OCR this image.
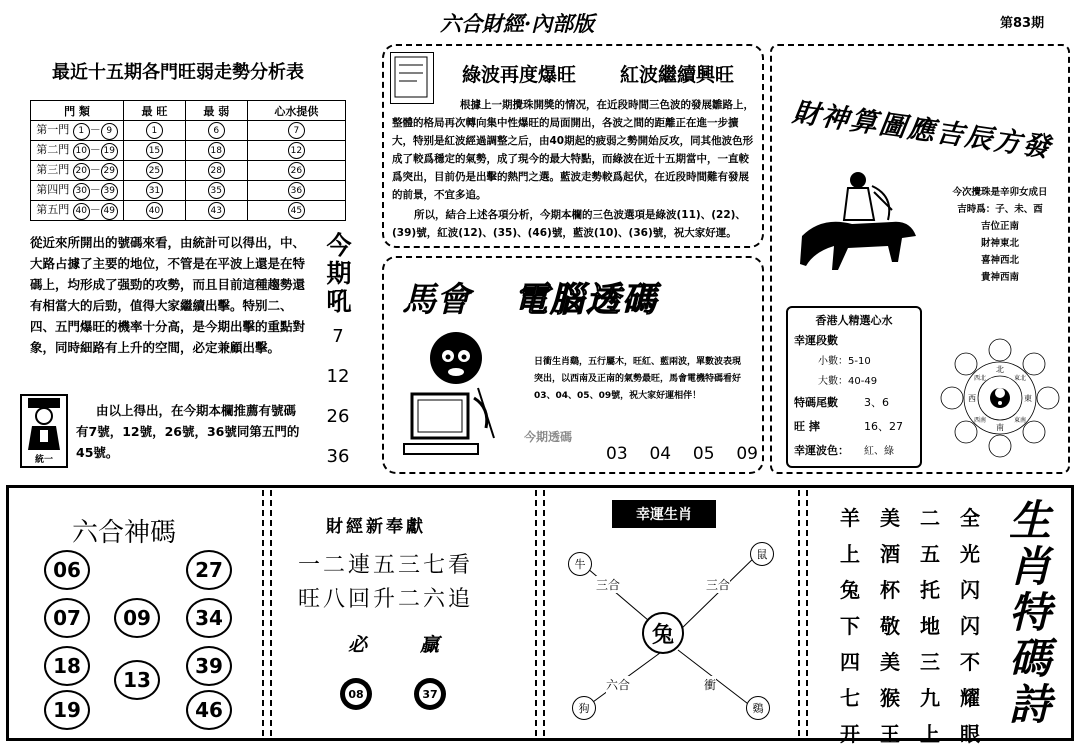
六合財經·內部版	第83期
最近十五期各門旺弱走勢分析表
門 類	最 旺	最 弱	心水提供
第一門 1 － 9	1	6	7
第二門 10 － 19	15	18	12
第三門 20 － 29	25	28	26
第四門 30 － 39	31	35	36
第五門 40 － 49	40	43	45
從近來所開出的號碼來看，由統計可以得出，中、大路占據了主要的地位，不管是在平波上還是在特碼上，均形成了强勁的攻勢，而且目前這種趨勢還有相當大的后勁，值得大家繼續出擊。特别二、四、五門爆旺的機率十分高，是今期出擊的重點對象，同時細路有上升的空間，必定兼顧出擊。
統一
由以上得出，在今期本欄推薦有號碼有7號，12號，26號，36號同第五門的45號。
今期吼
7
12
26
36
綠波再度爆旺 紅波繼續興旺
根據上一期攪珠開獎的情况，在近段時間三色波的發展雛路上，整體的格局再次轉向集中性爆旺的局面開出，各波之間的距離正在進一步擴大，特别是紅波經過調整之后，由40期起的疲弱之勢開始反攻，同其他波色形成了較爲穩定的氣勢，成了現今的最大特點，而綠波在近十五期當中，一直較爲突出，目前仍是出擊的熱門之選。藍波走勢較爲起伏，在近段時間難有發展的前景，不宜多追。
所以，結合上述各項分析，今期本欄的三色波選項是綠波(11)、(22)、(39)號，紅波(12)、(35)、(46)號，藍波(10)、(36)號，祝大家好運。
馬會 電腦透碼
日衝生肖鷄，五行屬木，旺紅、藍兩波，單數波表現突出，以西南及正南的氣勢最旺，馬會電機特碼看好03、04、05、09號，祝大家好運相伴！
今期透碼
03 04 05 09
財神算圖應吉辰方發
今次攪珠是辛卯女成日
吉時爲：子、未、酉
吉位正南
財神東北
喜神西北
貴神西南
香港人精選心水
幸運段數
小數：5-10
大數：40-49
特碼尾數 3、6
旺 摔	16、27
幸運波色： 紅、綠
北
東北
東
東南
南
西南
西
西北
六合神碼
06	27
07	09	34
18
13
39
19	46
財經新奉獻
一二連五三七看
旺八回升二六追
必	贏
08	37
幸運生肖
牛
鼠
兔
狗	鷄
三合	三合
六合	衝
全
光
闪
闪
不
耀
眼
二
五
托
地
三
九
上
美
酒
杯
敬
美
猴
王
羊
上
兔
下
四
七
开
生肖特碼詩
